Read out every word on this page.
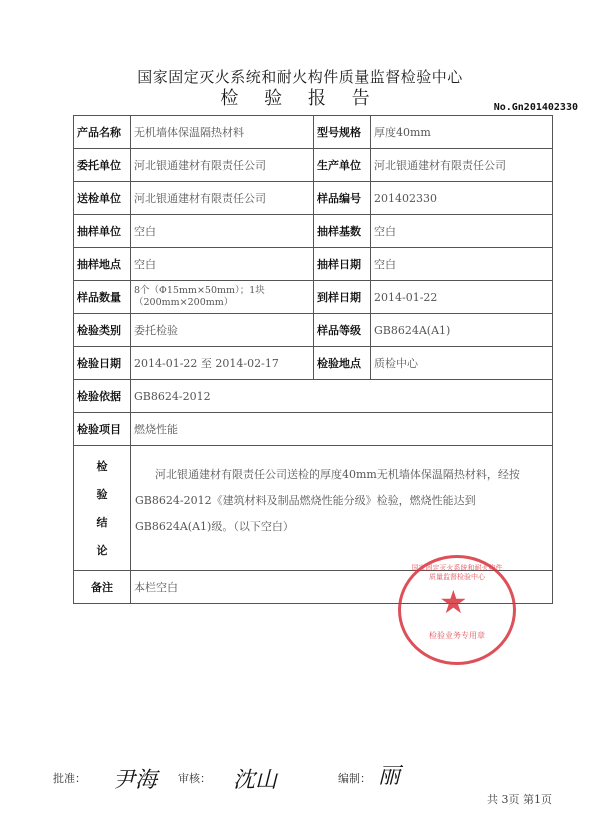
国家固定灭火系统和耐火构件质量监督检验中心
检 验 报 告	No.Gn201402330
产品名称	无机墙体保温隔热材料	型号规格	厚度40mm
委托单位	河北银通建材有限责任公司	生产单位	河北银通建材有限责任公司
送检单位	河北银通建材有限责任公司	样品编号	201402330
抽样单位	空白	抽样基数	空白
抽样地点	空白	抽样日期	空白
样品数量	8个（Φ15mm×50mm）；1块（200mm×200mm）	到样日期	2014-01-22
检验类别	委托检验	样品等级	GB8624A(A1)
检验日期	2014-01-22 至 2014-02-17	检验地点	质检中心
检验依据	GB8624-2012		
检验项目	燃烧性能		

检
验
结
论

河北银通建材有限责任公司送检的厚度40mm无机墙体保温隔热材料，经按GB8624-2012《建筑材料及制品燃烧性能分级》检验，燃烧性能达到GB8624A(A1)级。（以下空白）

备注	本栏空白		
国家固定灭火系统和耐火构件质量监督检验中心
★
检验业务专用章
批准： 尹海 审核： 沈山	编制： 丽
共 3页 第1页
